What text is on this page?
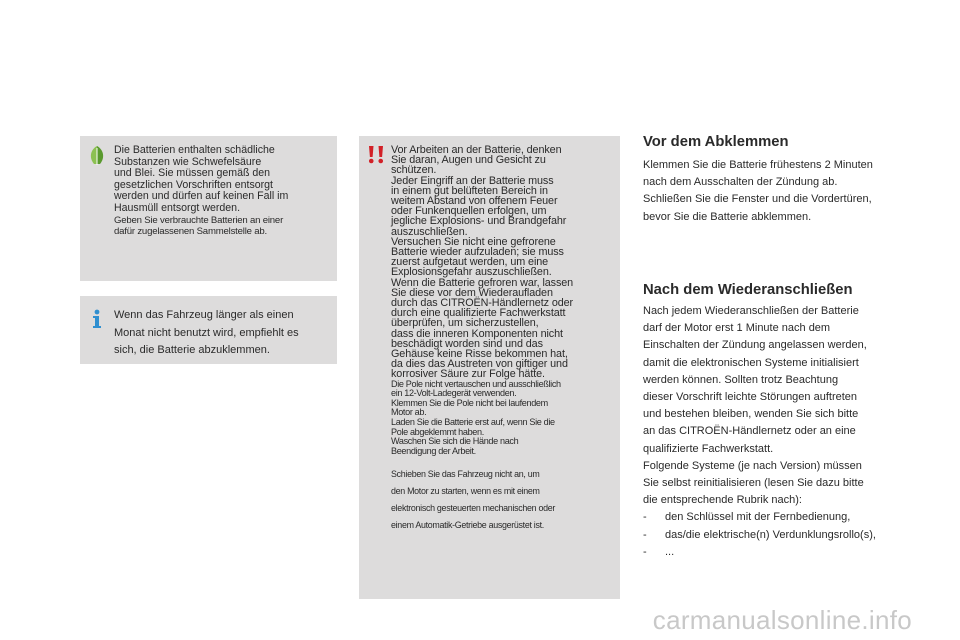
Die Batterien enthalten schädliche
Substanzen wie Schwefelsäure
und Blei. Sie müssen gemäß den
gesetzlichen Vorschriften entsorgt
werden und dürfen auf keinen Fall im
Hausmüll entsorgt werden.
Geben Sie verbrauchte Batterien an einer
dafür zugelassenen Sammelstelle ab.
Wenn das Fahrzeug länger als einen
Monat nicht benutzt wird, empfiehlt es
sich, die Batterie abzuklemmen.
Vor Arbeiten an der Batterie, denken
Sie daran, Augen und Gesicht zu
schützen.
Jeder Eingriff an der Batterie muss
in einem gut belüfteten Bereich in
weitem Abstand von offenem Feuer
oder Funkenquellen erfolgen, um
jegliche Explosions- und Brandgefahr
auszuschließen.
Versuchen Sie nicht eine gefrorene
Batterie wieder aufzuladen; sie muss
zuerst aufgetaut werden, um eine
Explosionsgefahr auszuschließen.
Wenn die Batterie gefroren war, lassen
Sie diese vor dem Wiederaufladen
durch das CITROËN-Händlernetz oder
durch eine qualifizierte Fachwerkstatt
überprüfen, um sicherzustellen,
dass die inneren Komponenten nicht
beschädigt worden sind und das
Gehäuse keine Risse bekommen hat,
da dies das Austreten von giftiger und
korrosiver Säure zur Folge hätte.
Die Pole nicht vertauschen und ausschließlich
ein 12-Volt-Ladegerät verwenden.
Klemmen Sie die Pole nicht bei laufendem
Motor ab.
Laden Sie die Batterie erst auf, wenn Sie die
Pole abgeklemmt haben.
Waschen Sie sich die Hände nach
Beendigung der Arbeit.
Schieben Sie das Fahrzeug nicht an, um
den Motor zu starten, wenn es mit einem
elektronisch gesteuerten mechanischen oder
einem Automatik-Getriebe ausgerüstet ist.
Vor dem Abklemmen
Klemmen Sie die Batterie frühestens 2 Minuten
nach dem Ausschalten der Zündung ab.
Schließen Sie die Fenster und die Vordertüren,
bevor Sie die Batterie abklemmen.
Nach dem Wiederanschließen
Nach jedem Wiederanschließen der Batterie
darf der Motor erst 1 Minute nach dem
Einschalten der Zündung angelassen werden,
damit die elektronischen Systeme initialisiert
werden können. Sollten trotz Beachtung
dieser Vorschrift leichte Störungen auftreten
und bestehen bleiben, wenden Sie sich bitte
an das CITROËN-Händlernetz oder an eine
qualifizierte Fachwerkstatt.
Folgende Systeme (je nach Version) müssen
Sie selbst reinitialisieren (lesen Sie dazu bitte
die entsprechende Rubrik nach):
- den Schlüssel mit der Fernbedienung,
- das/die elektrische(n) Verdunklungsrollo(s),
- ...
carmanualsonline.info
